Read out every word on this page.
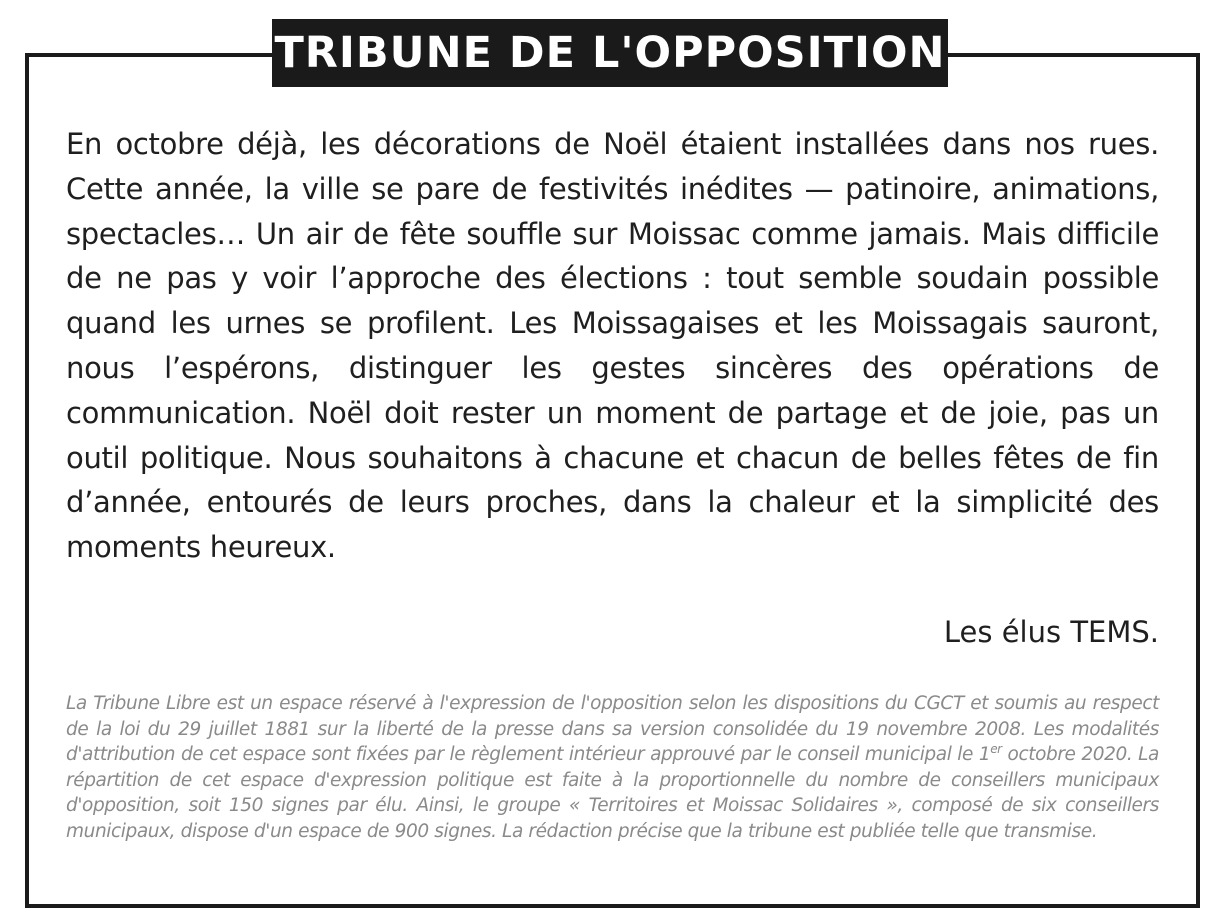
TRIBUNE DE L'OPPOSITION

En octobre déjà, les décorations de Noël étaient installées dans nos rues. Cette année, la ville se pare de festivités inédites — patinoire, animations, spectacles… Un air de fête souffle sur Moissac comme jamais. Mais difficile de ne pas y voir l’approche des élections : tout semble soudain possible quand les urnes se profilent. Les Moissagaises et les Moissagais sauront, nous l’espérons, distinguer les gestes sincères des opérations de communication. Noël doit rester un moment de partage et de joie, pas un outil politique. Nous souhaitons à chacune et chacun de belles fêtes de fin d’année, entourés de leurs proches, dans la chaleur et la simplicité des moments heureux.

Les élus TEMS.

La Tribune Libre est un espace réservé à l'expression de l'opposition selon les dispositions du CGCT et soumis au respect de la loi du 29 juillet 1881 sur la liberté de la presse dans sa version consolidée du 19 novembre 2008. Les modalités d'attribution de cet espace sont fixées par le règlement intérieur approuvé par le conseil municipal le 1er octobre 2020. La répartition de cet espace d'expression politique est faite à la proportionnelle du nombre de conseillers municipaux d'opposition, soit 150 signes par élu. Ainsi, le groupe « Territoires et Moissac Solidaires », composé de six conseillers municipaux, dispose d'un espace de 900 signes. La rédaction précise que la tribune est publiée telle que transmise.
